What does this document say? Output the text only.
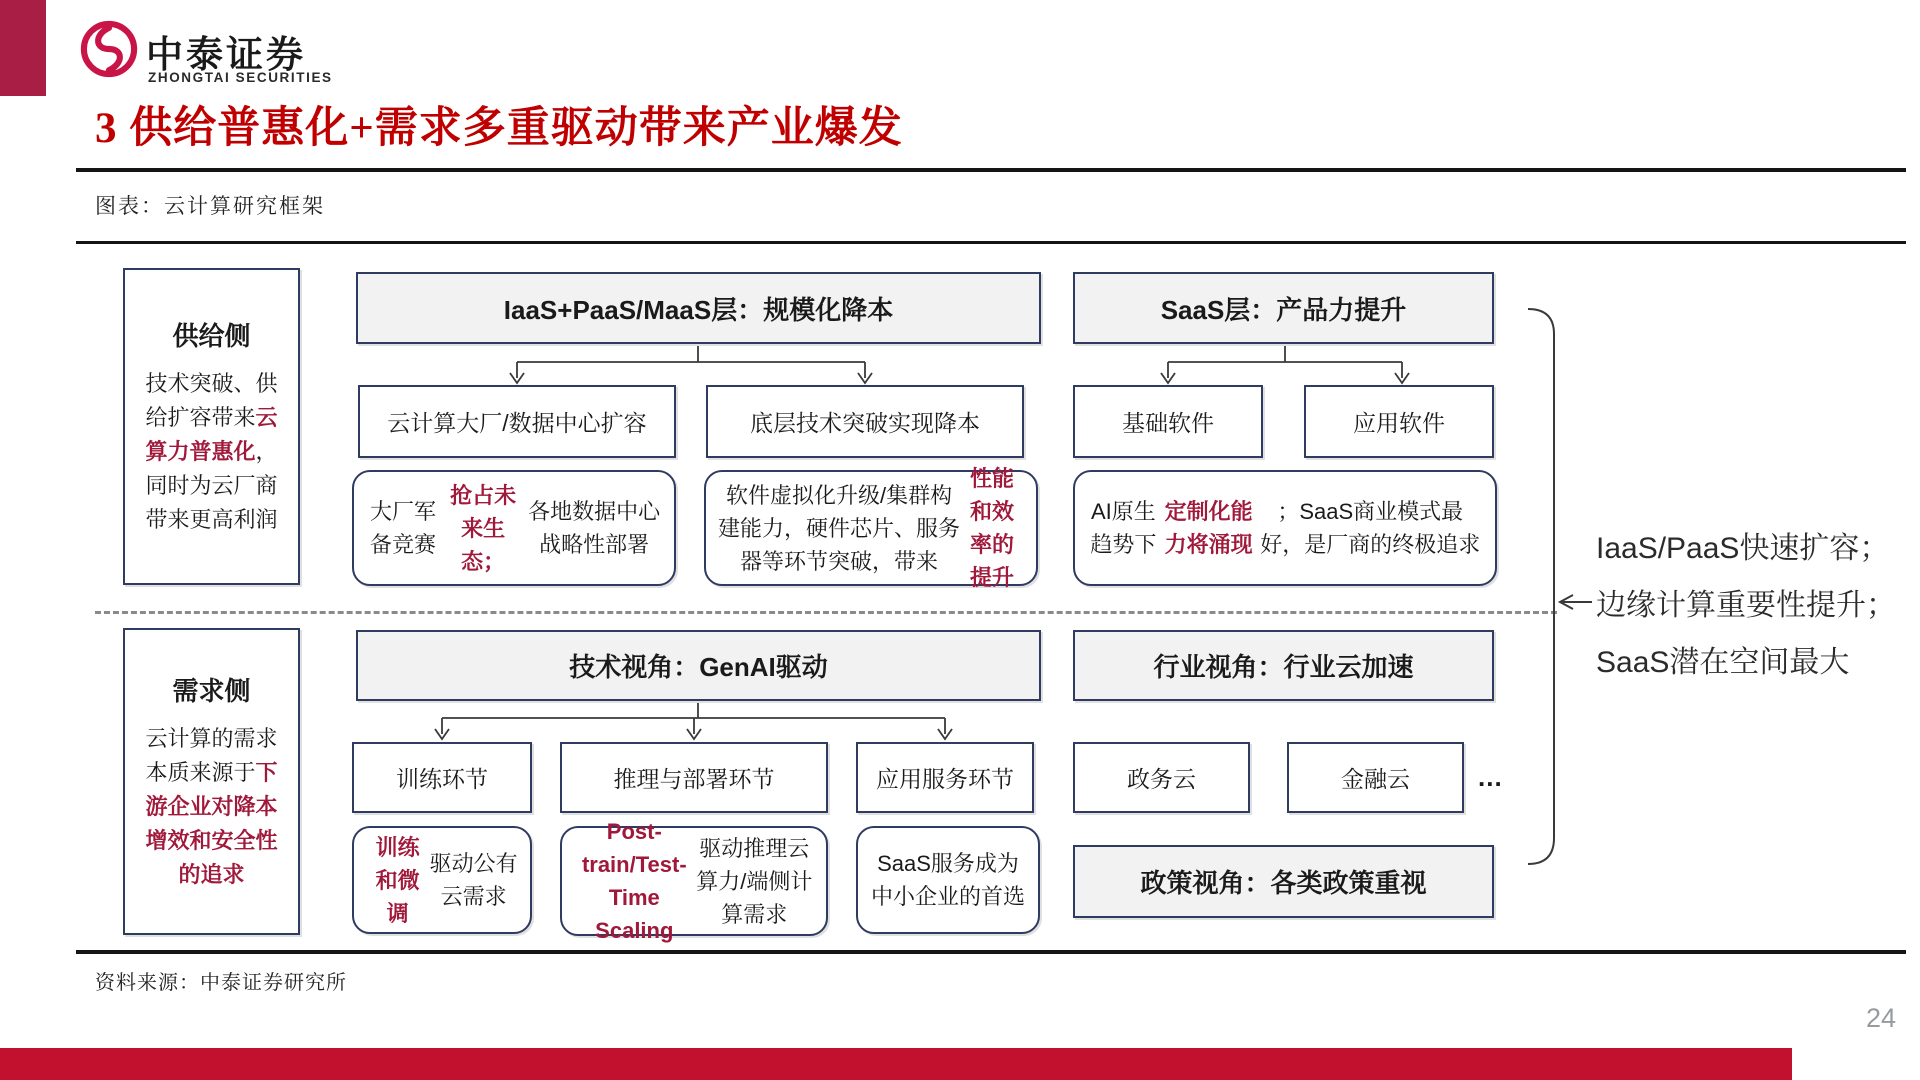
中泰证券
ZHONGTAI SECURITIES
3 供给普惠化+需求多重驱动带来产业爆发
图表：云计算研究框架
供给侧
技术突破、供给扩容带来云算力普惠化，同时为云厂商带来更高利润
IaaS+PaaS/MaaS层：规模化降本	SaaS层：产品力提升
云计算大厂/数据中心扩容	底层技术突破实现降本	基础软件	应用软件
大厂军备竞赛
抢占未来生态；
各地数据中心战略性部署
软件虚拟化升级/集群构建能力，硬件芯片、服务器等环节突破，带来
性能和效率的提升
AI原生趋势下
定制化能力将涌现
；SaaS商业模式最好，是厂商的终极追求
需求侧
云计算的需求本质来源于下游企业对降本增效和安全性的追求
技术视角：GenAI驱动	行业视角：行业云加速
训练环节	推理与部署环节	应用服务环节	政务云	金融云	...
训练和微调
驱动公有云需求
Post-train/Test-Time Scaling
驱动推理云算力/端侧计算需求
SaaS服务成为中小企业的首选	政策视角：各类政策重视
IaaS/PaaS快速扩容；
边缘计算重要性提升；
SaaS潜在空间最大
资料来源：中泰证券研究所
24
